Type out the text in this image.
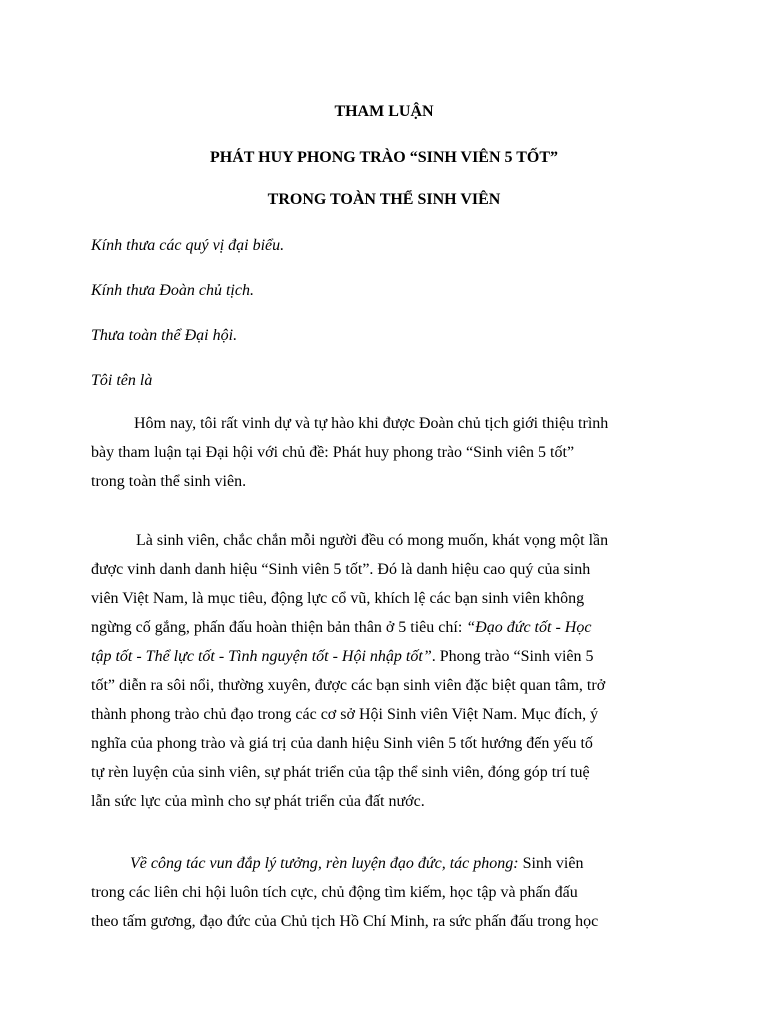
THAM LUẬN

PHÁT HUY PHONG TRÀO “SINH VIÊN 5 TỐT”

TRONG TOÀN THỂ SINH VIÊN

Kính thưa các quý vị đại biểu.

Kính thưa Đoàn chủ tịch.

Thưa toàn thể Đại hội.

Tôi tên là

Hôm nay, tôi rất vinh dự và tự hào khi được Đoàn chủ tịch giới thiệu trình
bày tham luận tại Đại hội với chủ đề: Phát huy phong trào “Sinh viên 5 tốt”
trong toàn thể sinh viên.
Là sinh viên, chắc chắn mỗi người đều có mong muốn, khát vọng một lần
được vinh danh danh hiệu “Sinh viên 5 tốt”. Đó là danh hiệu cao quý của sinh
viên Việt Nam, là mục tiêu, động lực cổ vũ, khích lệ các bạn sinh viên không
ngừng cố gắng, phấn đấu hoàn thiện bản thân ở 5 tiêu chí: “Đạo đức tốt - Học
tập tốt - Thể lực tốt - Tình nguyện tốt - Hội nhập tốt”. Phong trào “Sinh viên 5
tốt” diễn ra sôi nổi, thường xuyên, được các bạn sinh viên đặc biệt quan tâm, trở
thành phong trào chủ đạo trong các cơ sở Hội Sinh viên Việt Nam. Mục đích, ý
nghĩa của phong trào và giá trị của danh hiệu Sinh viên 5 tốt hướng đến yếu tố
tự rèn luyện của sinh viên, sự phát triển của tập thể sinh viên, đóng góp trí tuệ
lẫn sức lực của mình cho sự phát triển của đất nước.
Về công tác vun đắp lý tưởng, rèn luyện đạo đức, tác phong: Sinh viên
trong các liên chi hội luôn tích cực, chủ động tìm kiếm, học tập và phấn đấu
theo tấm gương, đạo đức của Chủ tịch Hồ Chí Minh, ra sức phấn đấu trong học
